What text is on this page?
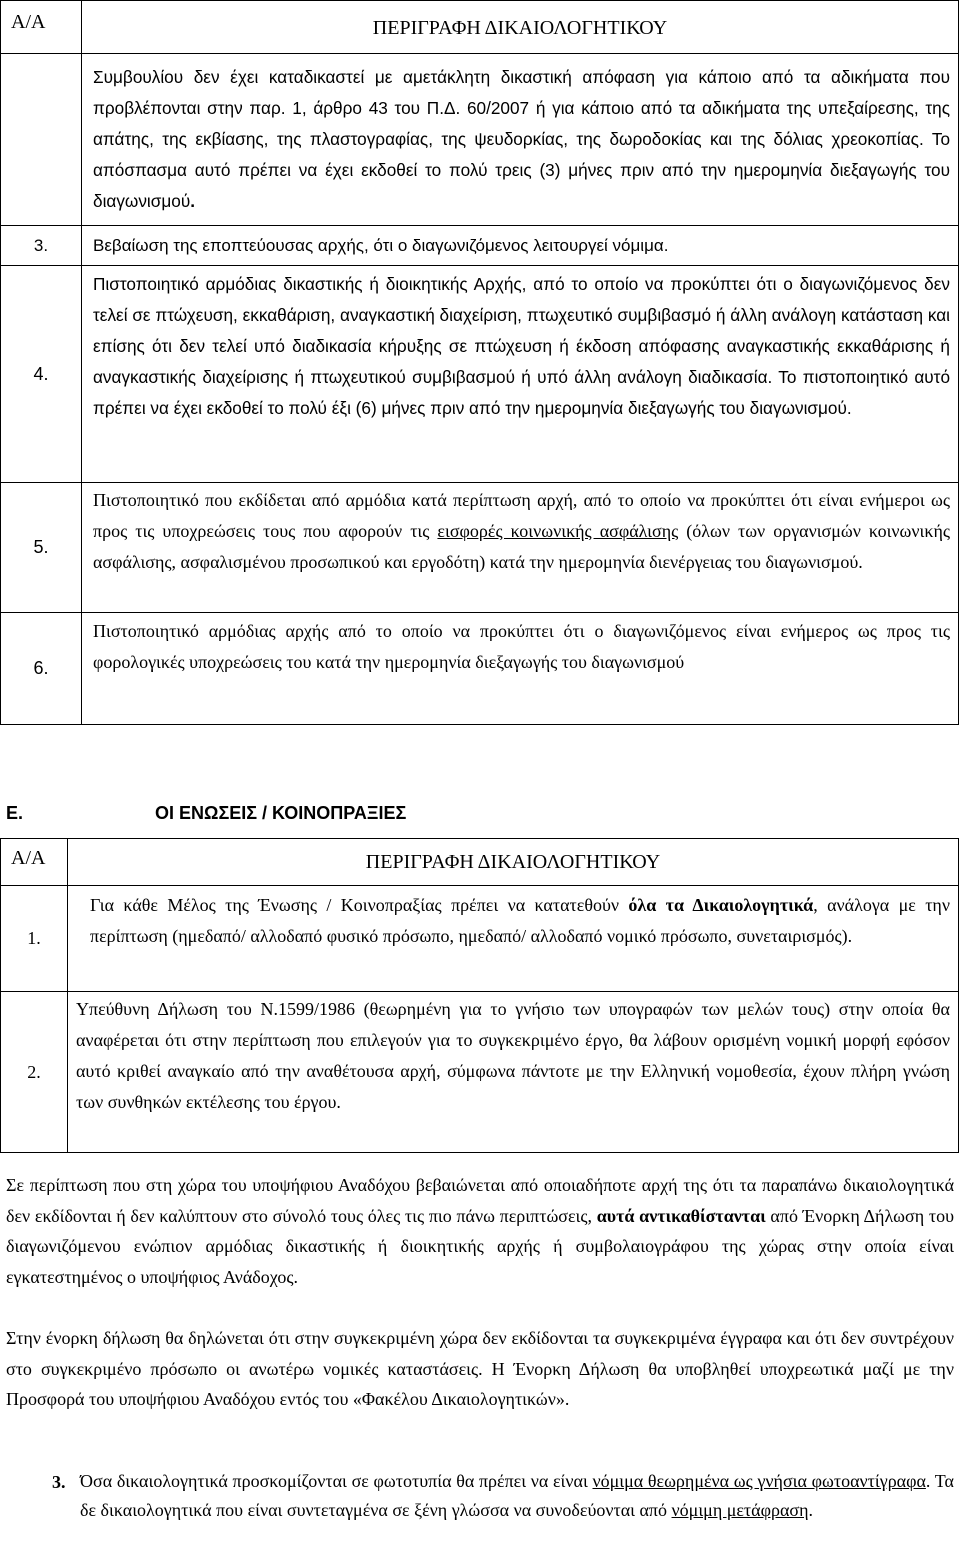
Α/Α	ΠΕΡΙΓΡΑΦΗ ΔΙΚΑΙΟΛΟΓΗΤΙΚΟΥ

	Συμβουλίου δεν έχει καταδικαστεί με αμετάκλητη δικαστική απόφαση για κάποιο από τα αδικήματα που προβλέπονται στην παρ. 1, άρθρο 43 του Π.Δ. 60/2007 ή για κάποιο από τα αδικήματα της υπεξαίρεσης, της απάτης, της εκβίασης, της πλαστογραφίας, της ψευδορκίας, της δωροδοκίας και της δόλιας χρεοκοπίας. Το απόσπασμα αυτό πρέπει να έχει εκδοθεί το πολύ τρεις (3) μήνες πριν από την ημερομηνία διεξαγωγής του διαγωνισμού.

3.	Βεβαίωση της εποπτεύουσας αρχής, ότι ο διαγωνιζόμενος λειτουργεί νόμιμα.
4.	Πιστοποιητικό αρμόδιας δικαστικής ή διοικητικής Αρχής, από το οποίο να προκύπτει ότι ο διαγωνιζόμενος δεν τελεί σε πτώχευση, εκκαθάριση, αναγκαστική διαχείριση, πτωχευτικό συμβιβασμό ή άλλη ανάλογη κατάσταση και επίσης ότι δεν τελεί υπό διαδικασία κήρυξης σε πτώχευση ή έκδοση απόφασης αναγκαστικής εκκαθάρισης ή αναγκαστικής διαχείρισης ή πτωχευτικού συμβιβασμού ή υπό άλλη ανάλογη διαδικασία. Το πιστοποιητικό αυτό πρέπει να έχει εκδοθεί το πολύ έξι (6) μήνες πριν από την ημερομηνία διεξαγωγής του διαγωνισμού.

5.	Πιστοποιητικό που εκδίδεται από αρμόδια κατά περίπτωση αρχή, από το οποίο να προκύπτει ότι είναι ενήμεροι ως προς τις υποχρεώσεις τους που αφορούν τις εισφορές κοινωνικής ασφάλισης (όλων των οργανισμών κοινωνικής ασφάλισης, ασφαλισμένου προσωπικού και εργοδότη) κατά την ημερομηνία διενέργειας του διαγωνισμού.

6.	Πιστοποιητικό αρμόδιας αρχής από το οποίο να προκύπτει ότι ο διαγωνιζόμενος είναι ενήμερος ως προς τις φορολογικές υποχρεώσεις του κατά την ημερομηνία διεξαγωγής του διαγωνισμού

Ε.	ΟΙ ΕΝΩΣΕΙΣ / ΚΟΙΝΟΠΡΑΞΙΕΣ
Α/Α	ΠΕΡΙΓΡΑΦΗ ΔΙΚΑΙΟΛΟΓΗΤΙΚΟΥ

1.	Για κάθε Μέλος της Ένωσης / Κοινοπραξίας πρέπει να κατατεθούν όλα τα Δικαιολογητικά, ανάλογα με την περίπτωση (ημεδαπό/ αλλοδαπό φυσικό πρόσωπο, ημεδαπό/ αλλοδαπό νομικό πρόσωπο, συνεταιρισμός).

2.	Υπεύθυνη Δήλωση του Ν.1599/1986 (θεωρημένη για το γνήσιο των υπογραφών των μελών τους) στην οποία θα αναφέρεται ότι στην περίπτωση που επιλεγούν για το συγκεκριμένο έργο, θα λάβουν ορισμένη νομική μορφή εφόσον αυτό κριθεί αναγκαίο από την αναθέτουσα αρχή, σύμφωνα πάντοτε με την Ελληνική νομοθεσία, έχουν πλήρη γνώση των συνθηκών εκτέλεσης του έργου.

Σε περίπτωση που στη χώρα του υποψήφιου Αναδόχου βεβαιώνεται από οποιαδήποτε αρχή της ότι τα παραπάνω δικαιολογητικά δεν εκδίδονται ή δεν καλύπτουν στο σύνολό τους όλες τις πιο πάνω περιπτώσεις, αυτά αντικαθίστανται από Ένορκη Δήλωση του διαγωνιζόμενου ενώπιον αρμόδιας δικαστικής ή διοικητικής αρχής ή συμβολαιογράφου της χώρας στην οποία είναι εγκατεστημένος ο υποψήφιος Ανάδοχος.

Στην ένορκη δήλωση θα δηλώνεται ότι στην συγκεκριμένη χώρα δεν εκδίδονται τα συγκεκριμένα έγγραφα και ότι δεν συντρέχουν στο συγκεκριμένο πρόσωπο οι ανωτέρω νομικές καταστάσεις. Η Ένορκη Δήλωση θα υποβληθεί υποχρεωτικά μαζί με την Προσφορά του υποψήφιου Αναδόχου εντός του «Φακέλου Δικαιολογητικών».

3. Όσα δικαιολογητικά προσκομίζονται σε φωτοτυπία θα πρέπει να είναι νόμιμα θεωρημένα ως γνήσια φωτοαντίγραφα. Τα δε δικαιολογητικά που είναι συντεταγμένα σε ξένη γλώσσα να συνοδεύονται από νόμιμη μετάφραση.
